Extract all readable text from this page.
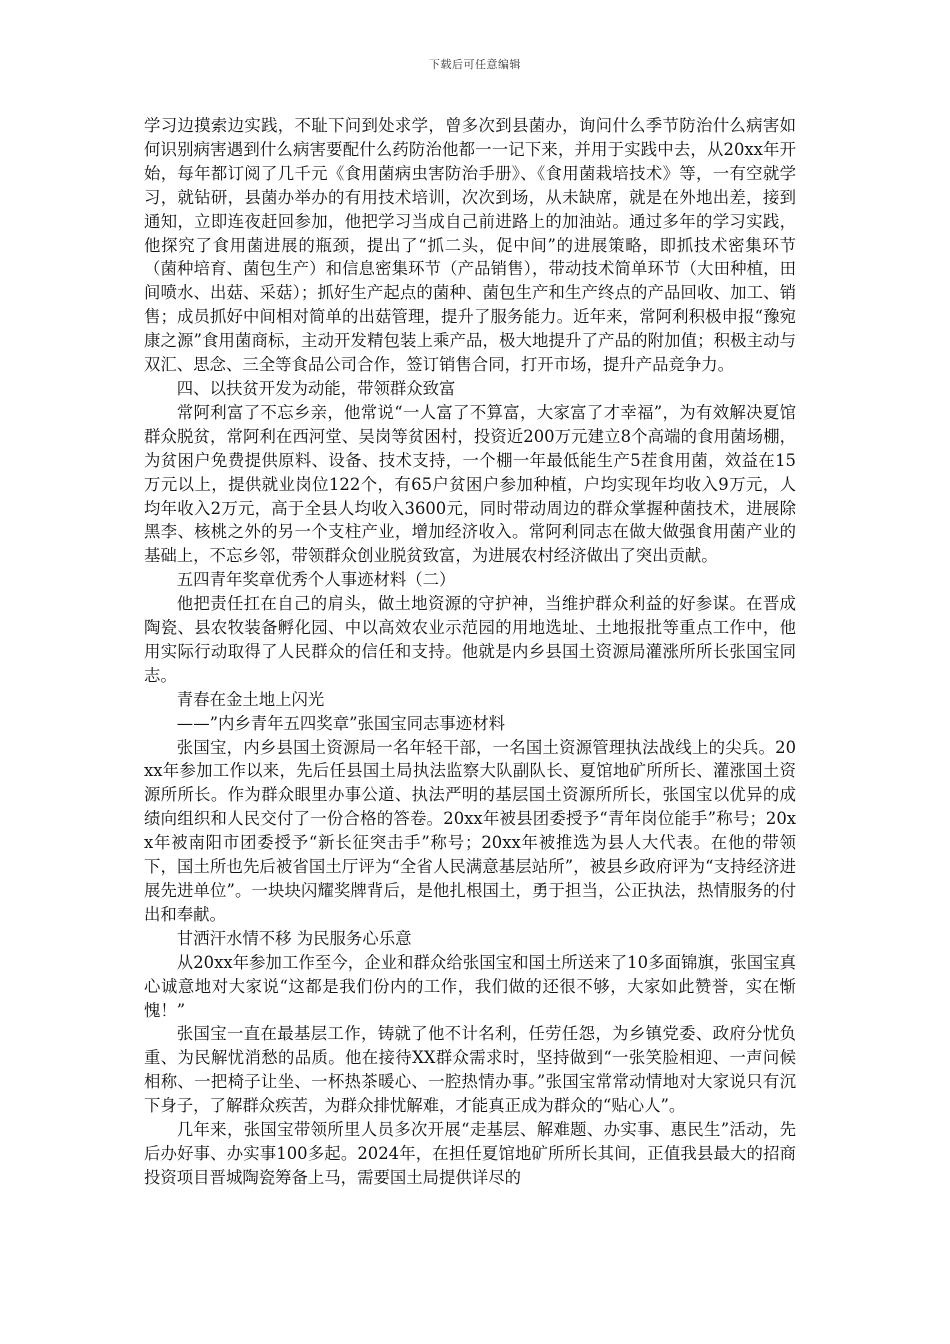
下载后可任意编辑

学习边摸索边实践，不耻下问到处求学，曾多次到县菌办，询问什么季节防治什么病害如何识别病害遇到什么病害要配什么药防治他都一一记下来，并用于实践中去，从20xx年开始，每年都订阅了几千元《食用菌病虫害防治手册》、《食用菌栽培技术》等，一有空就学习，就钻研，县菌办举办的有用技术培训，次次到场，从未缺席，就是在外地出差，接到通知，立即连夜赶回参加，他把学习当成自己前进路上的加油站。通过多年的学习实践，他探究了食用菌进展的瓶颈，提出了“抓二头，促中间”的进展策略，即抓技术密集环节（菌种培育、菌包生产）和信息密集环节（产品销售），带动技术简单环节（大田种植，田间喷水、出菇、采菇）；抓好生产起点的菌种、菌包生产和生产终点的产品回收、加工、销售；成员抓好中间相对简单的出菇管理，提升了服务能力。近年来，常阿利积极申报“豫宛康之源”食用菌商标，主动开发精包装上乘产品，极大地提升了产品的附加值；积极主动与双汇、思念、三全等食品公司合作，签订销售合同，打开市场，提升产品竞争力。

四、以扶贫开发为动能，带领群众致富

常阿利富了不忘乡亲，他常说“一人富了不算富，大家富了才幸福”，为有效解决夏馆群众脱贫，常阿利在西河堂、吴岗等贫困村，投资近200万元建立8个高端的食用菌场棚，为贫困户免费提供原料、设备、技术支持，一个棚一年最低能生产5茬食用菌，效益在15万元以上，提供就业岗位122个，有65户贫困户参加种植，户均实现年均收入9万元，人均年收入2万元，高于全县人均收入3600元，同时带动周边的群众掌握种菌技术，进展除黑李、核桃之外的另一个支柱产业，增加经济收入。常阿利同志在做大做强食用菌产业的基础上，不忘乡邻，带领群众创业脱贫致富，为进展农村经济做出了突出贡献。

五四青年奖章优秀个人事迹材料（二）

他把责任扛在自己的肩头，做土地资源的守护神，当维护群众利益的好参谋。在晋成陶瓷、县农牧装备孵化园、中以高效农业示范园的用地选址、土地报批等重点工作中，他用实际行动取得了人民群众的信任和支持。他就是内乡县国土资源局灌涨所所长张国宝同志。

青春在金土地上闪光

——”内乡青年五四奖章”张国宝同志事迹材料

张国宝，内乡县国土资源局一名年轻干部，一名国土资源管理执法战线上的尖兵。20xx年参加工作以来，先后任县国土局执法监察大队副队长、夏馆地矿所所长、灌涨国土资源所所长。作为群众眼里办事公道、执法严明的基层国土资源所所长，张国宝以优异的成绩向组织和人民交付了一份合格的答卷。20xx年被县团委授予“青年岗位能手”称号；20xx年被南阳市团委授予“新长征突击手”称号；20xx年被推选为县人大代表。在他的带领下，国土所也先后被省国土厅评为“全省人民满意基层站所”，被县乡政府评为“支持经济进展先进单位”。一块块闪耀奖牌背后，是他扎根国土，勇于担当，公正执法，热情服务的付出和奉献。

甘洒汗水情不移 为民服务心乐意

从20xx年参加工作至今，企业和群众给张国宝和国土所送来了10多面锦旗，张国宝真心诚意地对大家说“这都是我们份内的工作，我们做的还很不够，大家如此赞誉，实在惭愧！”

张国宝一直在最基层工作，铸就了他不计名利，任劳任怨，为乡镇党委、政府分忧负重、为民解忧消愁的品质。他在接待XX群众需求时，坚持做到“一张笑脸相迎、一声问候相称、一把椅子让坐、一杯热茶暖心、一腔热情办事。”张国宝常常动情地对大家说只有沉下身子，了解群众疾苦，为群众排忧解难，才能真正成为群众的“贴心人”。

几年来，张国宝带领所里人员多次开展“走基层、解难题、办实事、惠民生”活动，先后办好事、办实事100多起。2024年，在担任夏馆地矿所所长其间，正值我县最大的招商投资项目晋城陶瓷筹备上马，需要国土局提供详尽的
